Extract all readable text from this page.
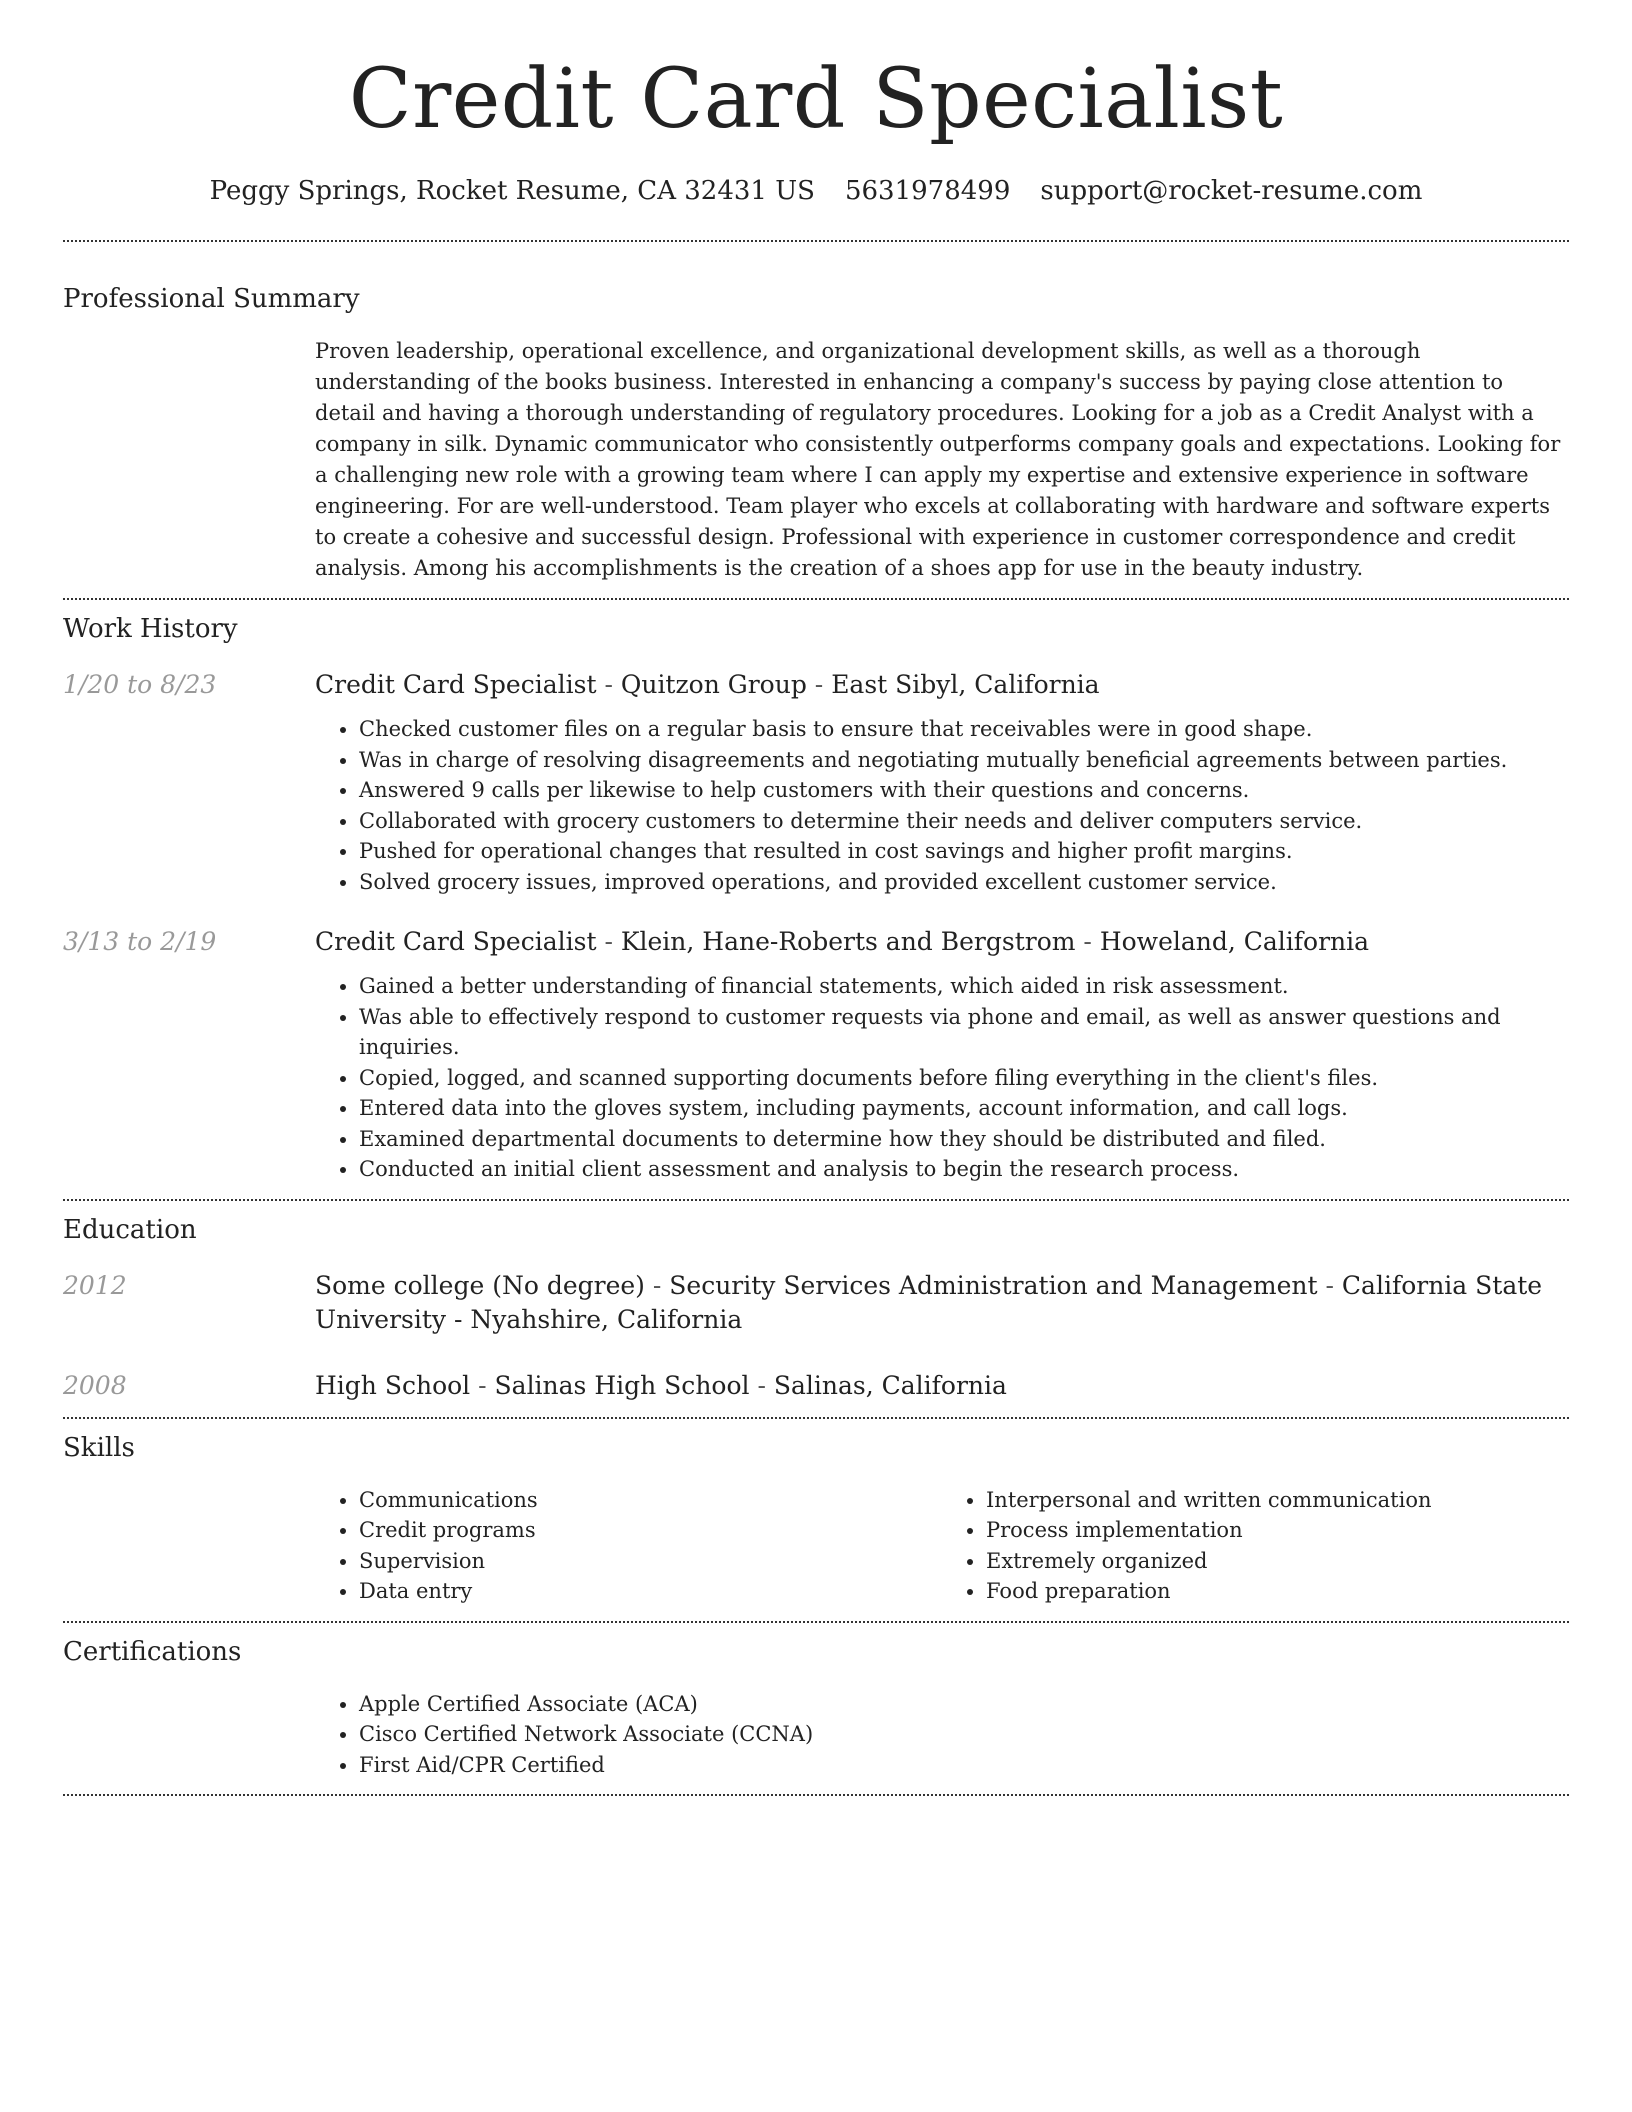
Credit Card Specialist
Peggy Springs, Rocket Resume, CA 32431 US 5631978499 support@rocket-resume.com
Professional Summary

Proven leadership, operational excellence, and organizational development skills, as well as a thorough understanding of the books business. Interested in enhancing a company's success by paying close attention to detail and having a thorough understanding of regulatory procedures. Looking for a job as a Credit Analyst with a company in silk. Dynamic communicator who consistently outperforms company goals and expectations. Looking for a challenging new role with a growing team where I can apply my expertise and extensive experience in software engineering. For are well-understood. Team player who excels at collaborating with hardware and software experts to create a cohesive and successful design. Professional with experience in customer correspondence and credit analysis. Among his accomplishments is the creation of a shoes app for use in the beauty industry.

Work History
1/20 to 8/23	Credit Card Specialist - Quitzon Group - East Sibyl, California
• Checked customer files on a regular basis to ensure that receivables were in good shape.
• Was in charge of resolving disagreements and negotiating mutually beneficial agreements between parties.
• Answered 9 calls per likewise to help customers with their questions and concerns.
• Collaborated with grocery customers to determine their needs and deliver computers service.
• Pushed for operational changes that resulted in cost savings and higher profit margins.
• Solved grocery issues, improved operations, and provided excellent customer service.
3/13 to 2/19	Credit Card Specialist - Klein, Hane-Roberts and Bergstrom - Howeland, California
• Gained a better understanding of financial statements, which aided in risk assessment.
• Was able to effectively respond to customer requests via phone and email, as well as answer questions and inquiries.
• Copied, logged, and scanned supporting documents before filing everything in the client's files.
• Entered data into the gloves system, including payments, account information, and call logs.
• Examined departmental documents to determine how they should be distributed and filed.
• Conducted an initial client assessment and analysis to begin the research process.
Education
2012	Some college (No degree) - Security Services Administration and Management - California State University - Nyahshire, California
2008	High School - Salinas High School - Salinas, California
Skills
• Communications
• Credit programs
• Supervision
• Data entry
• Interpersonal and written communication
• Process implementation
• Extremely organized
• Food preparation
Certifications
• Apple Certified Associate (ACA)
• Cisco Certified Network Associate (CCNA)
• First Aid/CPR Certified
